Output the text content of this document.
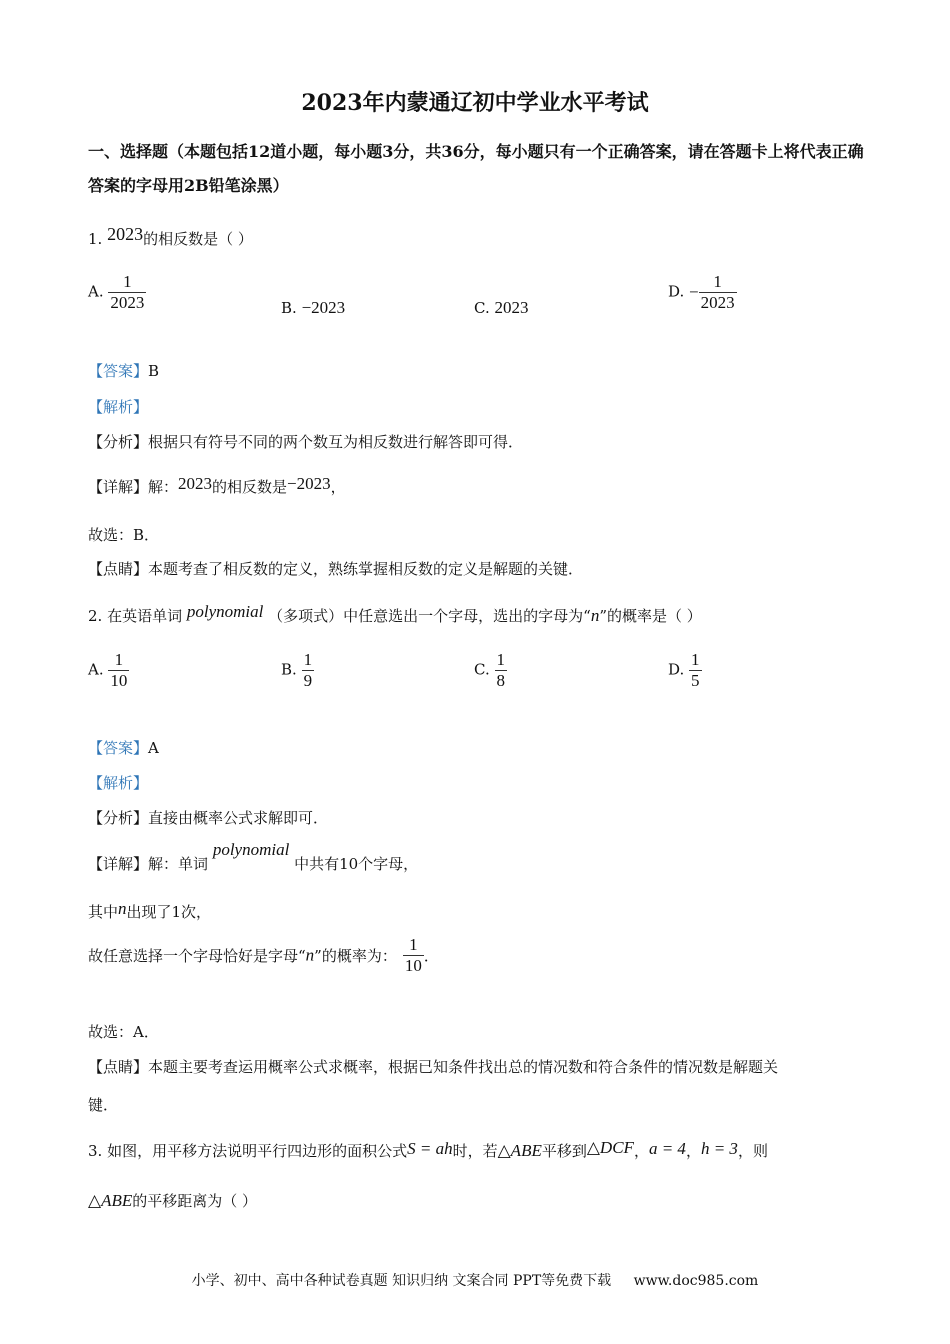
2023年内蒙通辽初中学业水平考试
一、选择题（本题包括12道小题，每小题3分，共36分，每小题只有一个正确答案，请在答题卡上将代表正确答案的字母用2B铅笔涂黑）
1. 2023的相反数是（ ）
A. $\frac{1}{2023}$	B. −2023	C. 2023
D. − $\frac{1}{2023}$
【答案】B
【解析】
【分析】根据只有符号不同的两个数互为相反数进行解答即可得．
【详解】解：2023的相反数是−2023，
故选：B．
【点睛】本题考查了相反数的定义，熟练掌握相反数的定义是解题的关键．
2. 在英语单词 polynomial （多项式）中任意选出一个字母，选出的字母为“n”的概率是（ ）
A. $\frac{1}{10}$	B. $\frac{1}{9}$	C. $\frac{1}{8}$	D. $\frac{1}{5}$
【答案】A
【解析】
【分析】直接由概率公式求解即可．
【详解】解：单词 polynomial 中共有10个字母，
其中n出现了1次，
故任意选择一个字母恰好是字母“n”的概率为： $\frac{1}{10}$ ．
故选：A．
【点睛】本题主要考查运用概率公式求概率，根据已知条件找出总的情况数和符合条件的情况数是解题关
键．
3. 如图，用平移方法说明平行四边形的面积公式S = ah时，若△ABE平移到△DCF，a = 4，h = 3，则
△ABE的平移距离为（ ）
小学、初中、高中各种试卷真题 知识归纳 文案合同 PPT等免费下载 www.doc985.com
